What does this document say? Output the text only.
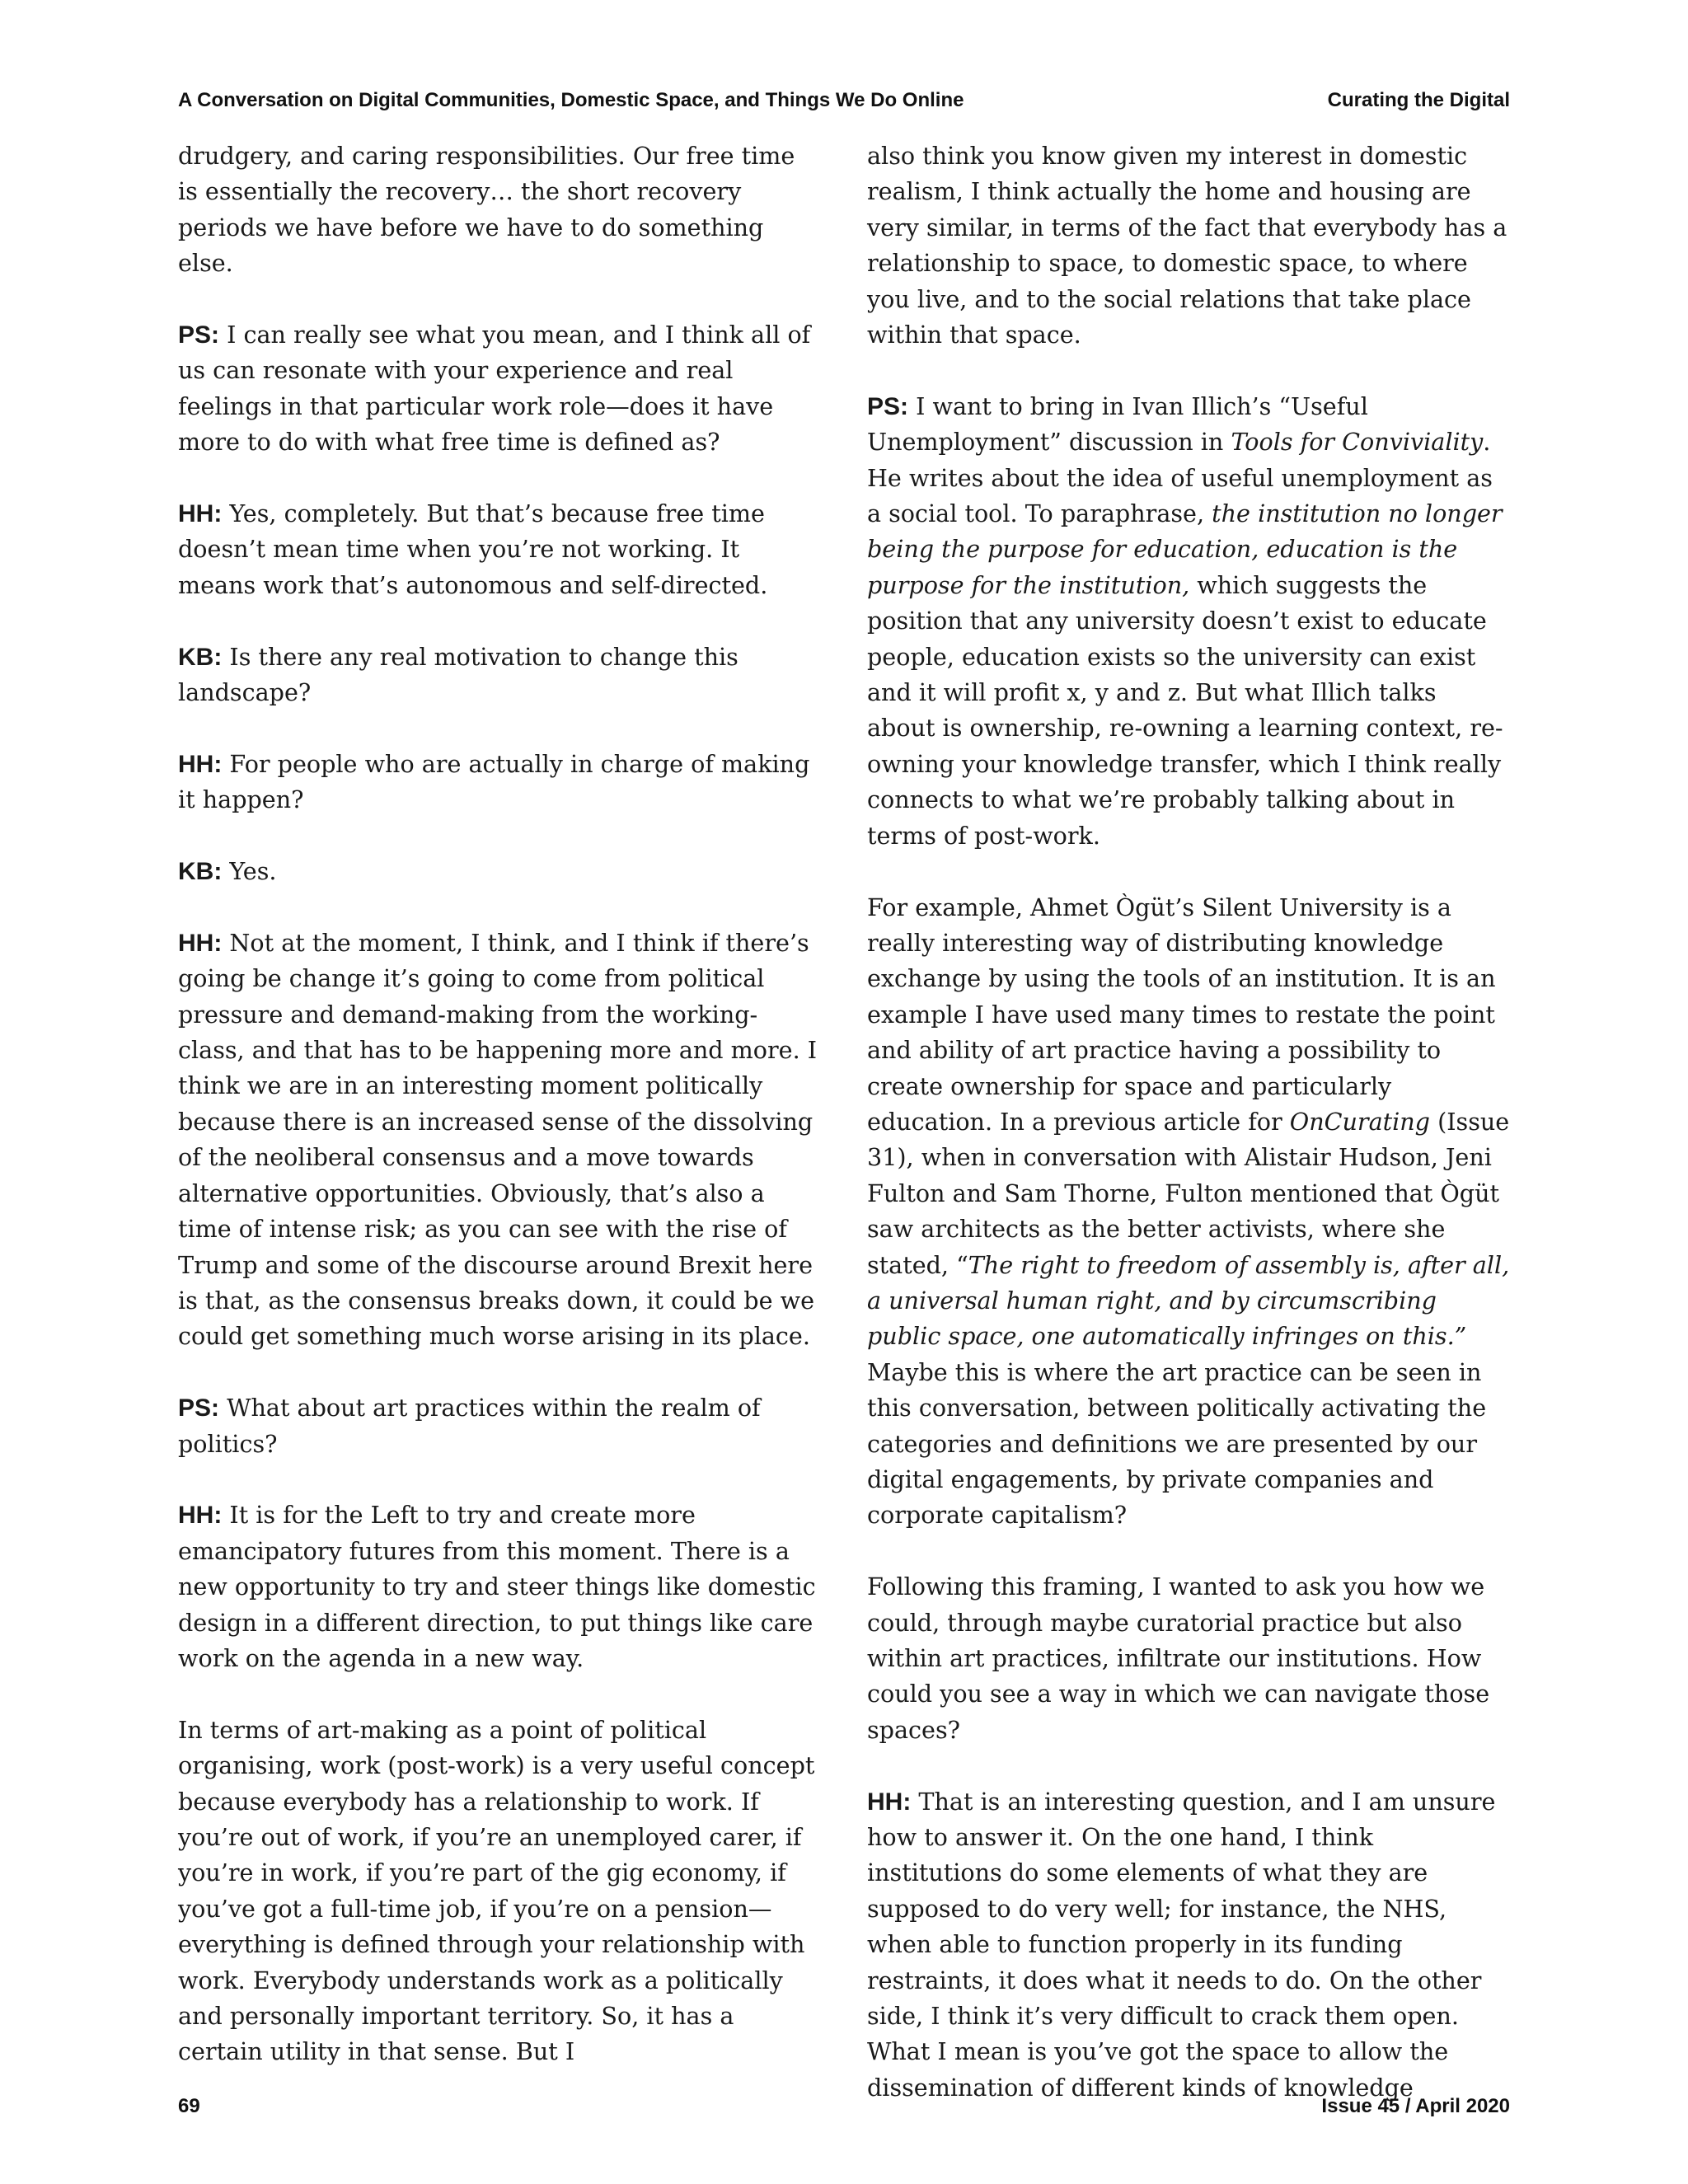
A Conversation on Digital Communities, Domestic Space, and Things We Do Online	Curating the Digital

drudgery, and caring responsibilities. Our free time is essentially the recovery… the short recovery periods we have before we have to do something else.

PS: I can really see what you mean, and I think all of us can resonate with your experience and real feelings in that particular work role—does it have more to do with what free time is defined as?

HH: Yes, completely. But that’s because free time doesn’t mean time when you’re not working. It means work that’s autonomous and self-directed.

KB: Is there any real motivation to change this landscape?

HH: For people who are actually in charge of making it happen?

KB: Yes.

HH: Not at the moment, I think, and I think if there’s going be change it’s going to come from political pressure and demand-making from the working-class, and that has to be happening more and more. I think we are in an interesting moment politically because there is an increased sense of the dissolving of the neoliberal consensus and a move towards alternative opportunities. Obviously, that’s also a time of intense risk; as you can see with the rise of Trump and some of the discourse around Brexit here is that, as the consensus breaks down, it could be we could get something much worse arising in its place.

PS: What about art practices within the realm of politics?

HH: It is for the Left to try and create more emancipatory futures from this moment. There is a new opportunity to try and steer things like domestic design in a different direction, to put things like care work on the agenda in a new way.

In terms of art-making as a point of political organising, work (post-work) is a very useful concept because everybody has a relationship to work. If you’re out of work, if you’re an unemployed carer, if you’re in work, if you’re part of the gig economy, if you’ve got a full-time job, if you’re on a pension—everything is defined through your relationship with work. Everybody understands work as a politically and personally important territory. So, it has a certain utility in that sense. But I

also think you know given my interest in domestic realism, I think actually the home and housing are very similar, in terms of the fact that everybody has a relationship to space, to domestic space, to where you live, and to the social relations that take place within that space.

PS: I want to bring in Ivan Illich’s “Useful Unemployment” discussion in Tools for Conviviality. He writes about the idea of useful unemployment as a social tool. To paraphrase, the institution no longer being the purpose for education, education is the purpose for the institution, which suggests the position that any university doesn’t exist to educate people, education exists so the university can exist and it will profit x, y and z. But what Illich talks about is ownership, re-owning a learning context, re-owning your knowledge transfer, which I think really connects to what we’re probably talking about in terms of post-work.

For example, Ahmet Ògüt’s Silent University is a really interesting way of distributing knowledge exchange by using the tools of an institution. It is an example I have used many times to restate the point and ability of art practice having a possibility to create ownership for space and particularly education. In a previous article for OnCurating (Issue 31), when in conversation with Alistair Hudson, Jeni Fulton and Sam Thorne, Fulton mentioned that Ògüt saw architects as the better activists, where she stated, “The right to freedom of assembly is, after all, a universal human right, and by circumscribing public space, one automatically infringes on this.” Maybe this is where the art practice can be seen in this conversation, between politically activating the categories and definitions we are presented by our digital engagements, by private companies and corporate capitalism?

Following this framing, I wanted to ask you how we could, through maybe curatorial practice but also within art practices, infiltrate our institutions. How could you see a way in which we can navigate those spaces?

HH: That is an interesting question, and I am unsure how to answer it. On the one hand, I think institutions do some elements of what they are supposed to do very well; for instance, the NHS, when able to function properly in its funding restraints, it does what it needs to do. On the other side, I think it’s very difficult to crack them open. What I mean is you’ve got the space to allow the dissemination of different kinds of knowledge

69	Issue 45 / April 2020
